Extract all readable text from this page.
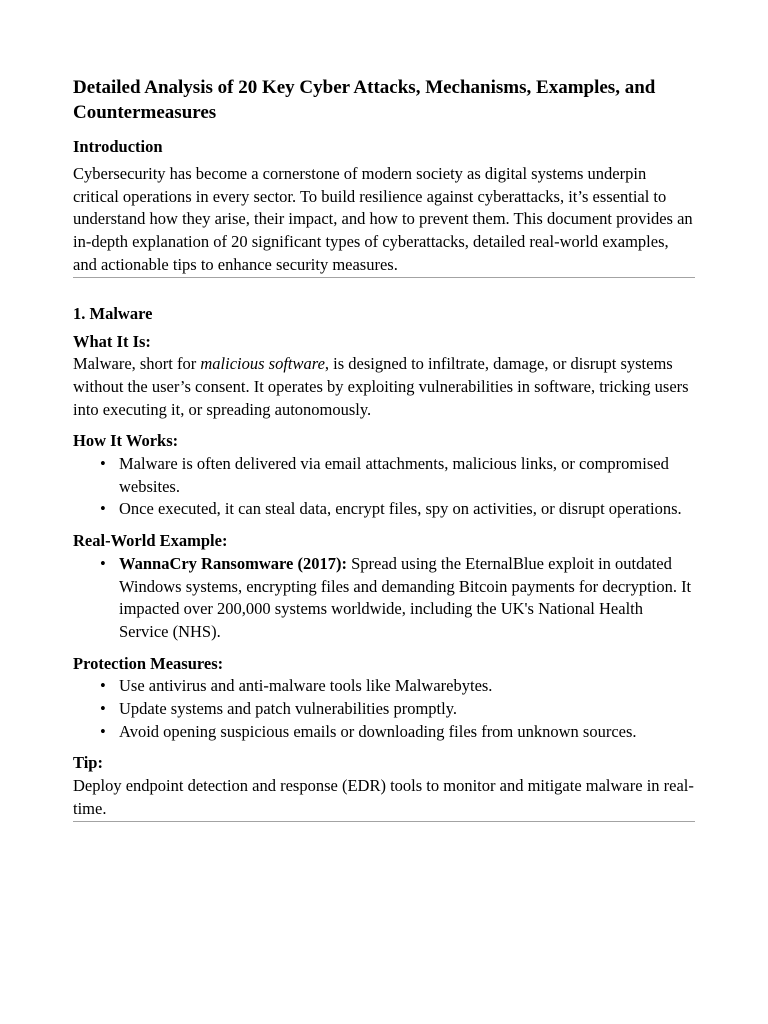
Detailed Analysis of 20 Key Cyber Attacks, Mechanisms, Examples, and Countermeasures
Introduction

Cybersecurity has become a cornerstone of modern society as digital systems underpin critical operations in every sector. To build resilience against cyberattacks, it’s essential to understand how they arise, their impact, and how to prevent them. This document provides an in-depth explanation of 20 significant types of cyberattacks, detailed real-world examples, and actionable tips to enhance security measures.

1. Malware
What It Is:

Malware, short for malicious software, is designed to infiltrate, damage, or disrupt systems without the user’s consent. It operates by exploiting vulnerabilities in software, tricking users into executing it, or spreading autonomously.

How It Works:
• Malware is often delivered via email attachments, malicious links, or compromised websites.
• Once executed, it can steal data, encrypt files, spy on activities, or disrupt operations.
Real-World Example:
• WannaCry Ransomware (2017): Spread using the EternalBlue exploit in outdated Windows systems, encrypting files and demanding Bitcoin payments for decryption. It impacted over 200,000 systems worldwide, including the UK's National Health Service (NHS).
Protection Measures:
• Use antivirus and anti-malware tools like Malwarebytes.
• Update systems and patch vulnerabilities promptly.
• Avoid opening suspicious emails or downloading files from unknown sources.
Tip:

Deploy endpoint detection and response (EDR) tools to monitor and mitigate malware in real-time.
